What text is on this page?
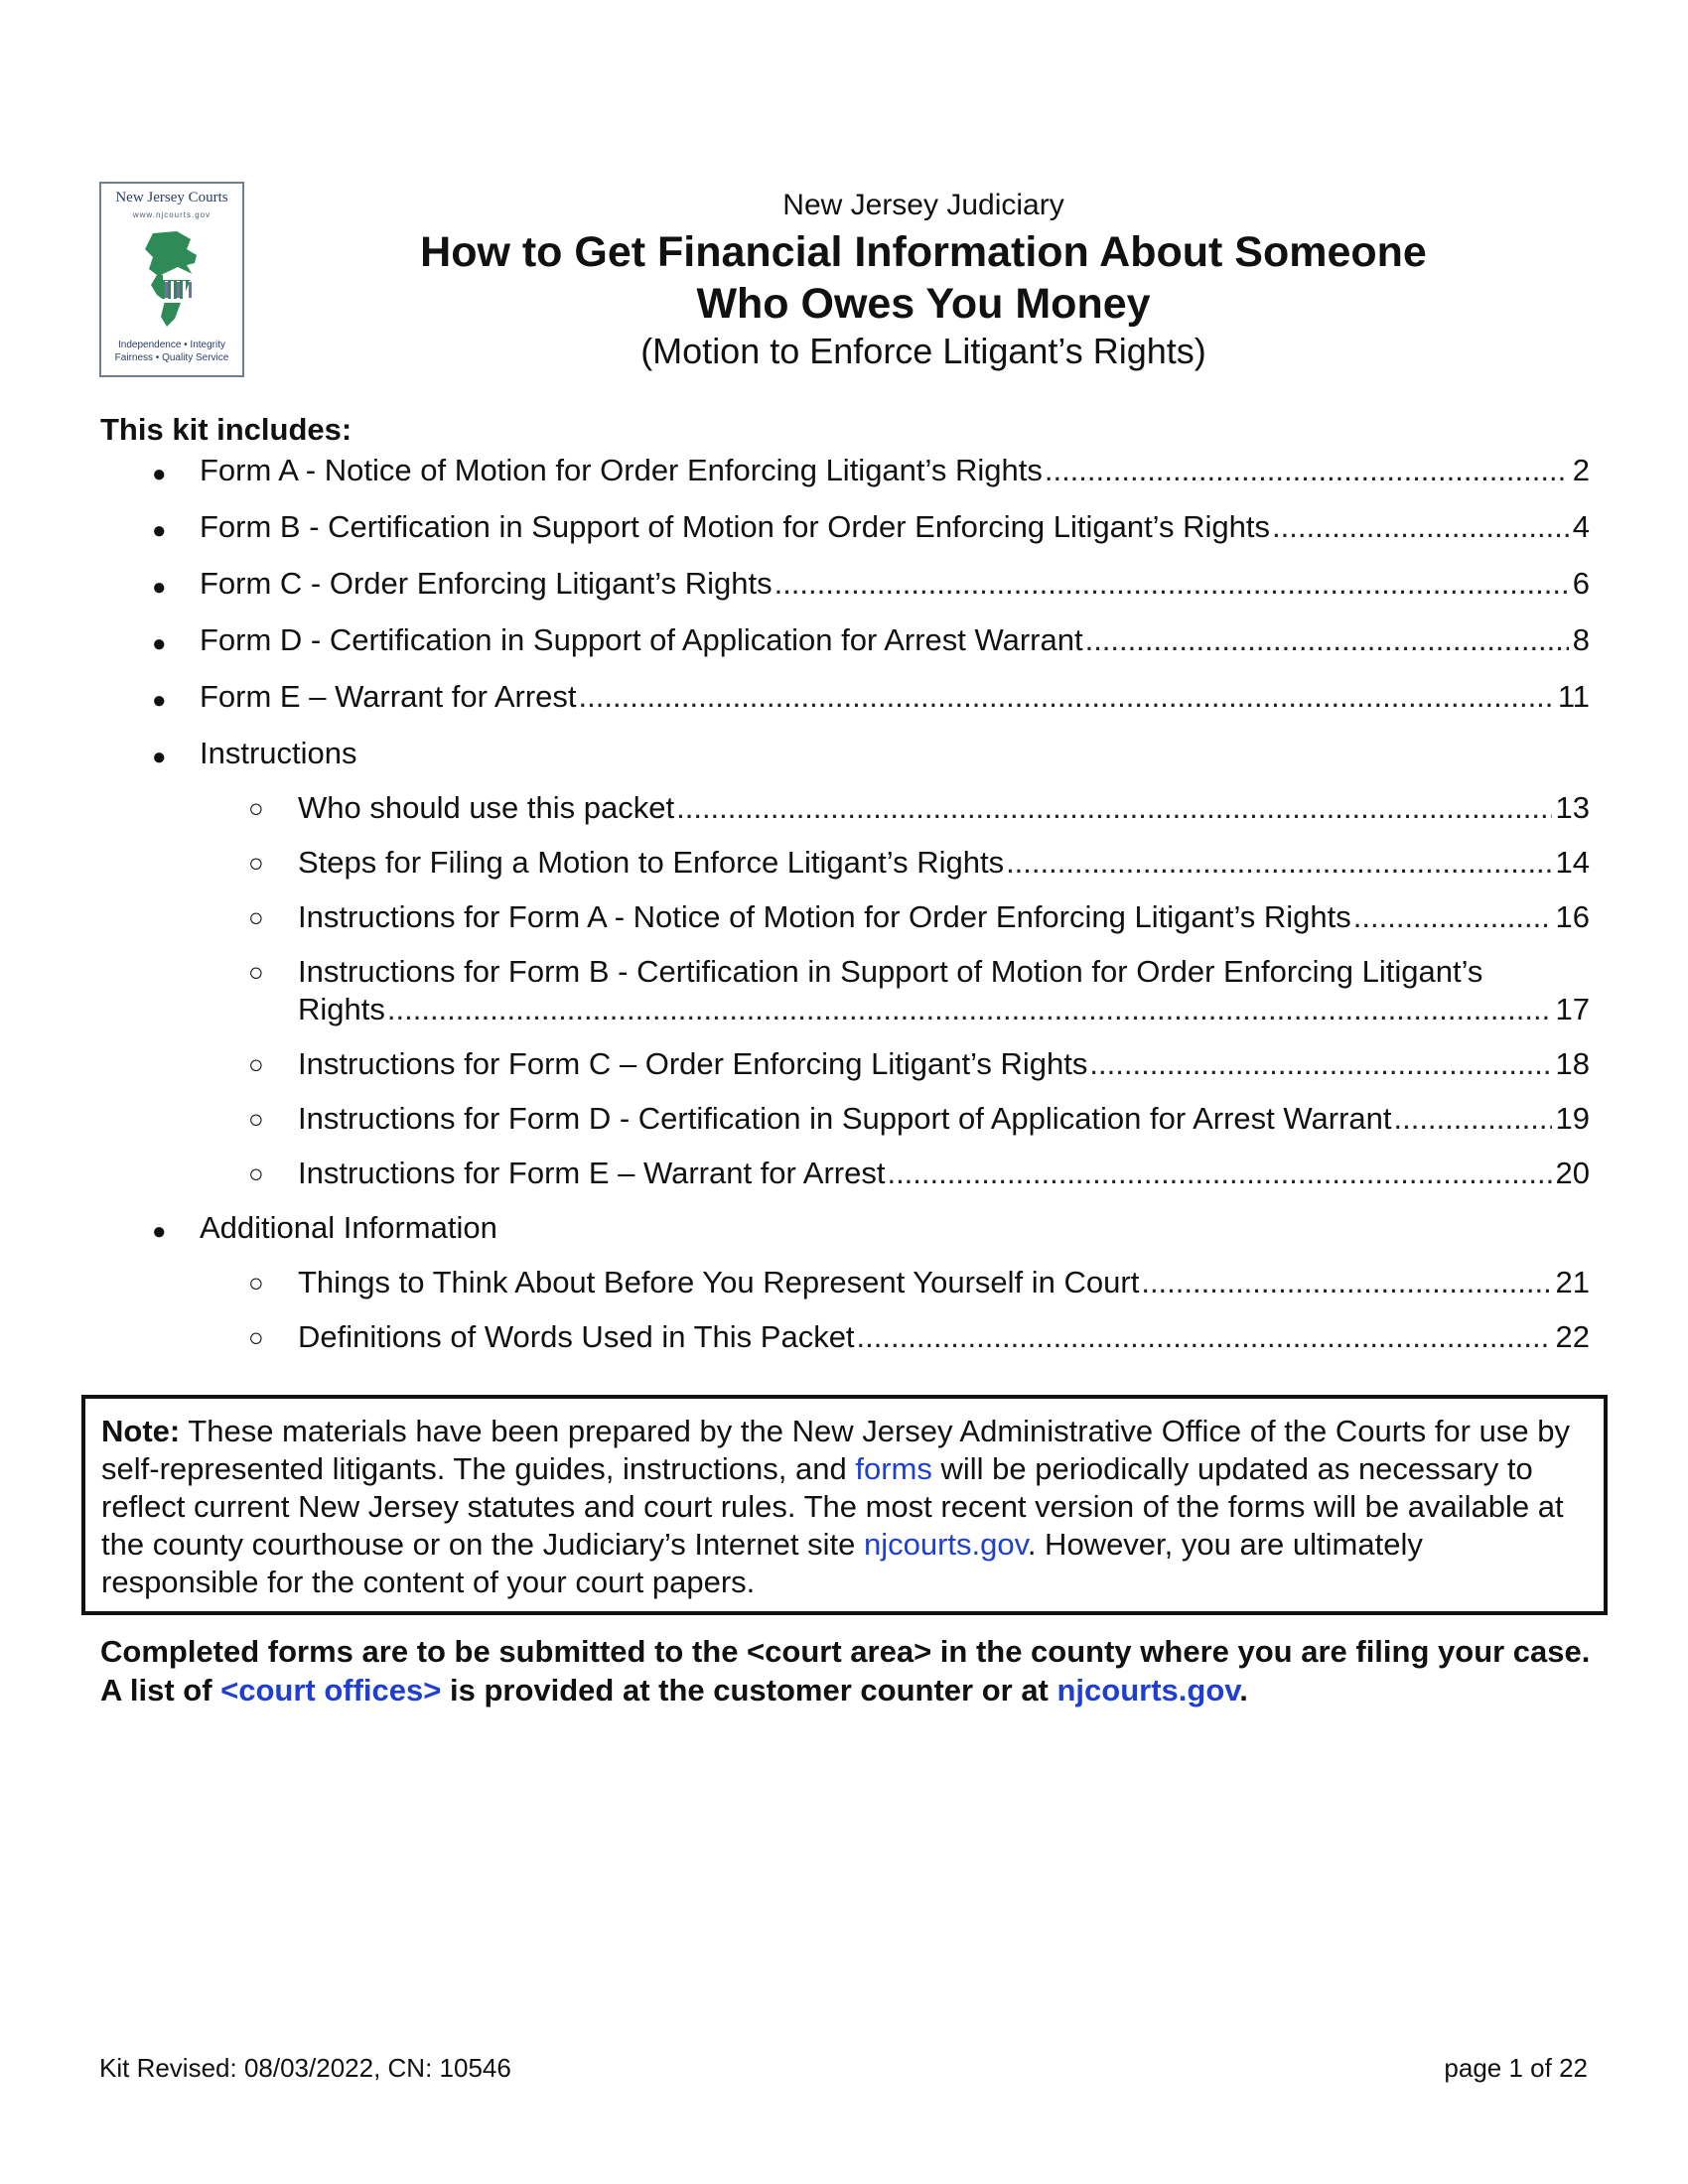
New Jersey Courts
www.njcourts.gov
Independence • Integrity
Fairness • Quality Service
New Jersey Judiciary
How to Get Financial Information About Someone
Who Owes You Money
(Motion to Enforce Litigant’s Rights)
This kit includes:
● Form A - Notice of Motion for Order Enforcing Litigant’s Rights .....	2
● Form B - Certification in Support of Motion for Order Enforcing Litigant’s Rights .....	4
● Form C - Order Enforcing Litigant’s Rights .....	6
● Form D - Certification in Support of Application for Arrest Warrant .....	8
● Form E – Warrant for Arrest .....	11
● Instructions
○ Who should use this packet .....	13
○ Steps for Filing a Motion to Enforce Litigant’s Rights .....	14
○ Instructions for Form A - Notice of Motion for Order Enforcing Litigant’s Rights .....	16
○ Instructions for Form B - Certification in Support of Motion for Order Enforcing Litigant’s
Rights .....	17
○ Instructions for Form C – Order Enforcing Litigant’s Rights .....	18
○ Instructions for Form D - Certification in Support of Application for Arrest Warrant .....	19
○ Instructions for Form E – Warrant for Arrest .....	20
● Additional Information
○ Things to Think About Before You Represent Yourself in Court .....	21
○ Definitions of Words Used in This Packet .....	22
Note: These materials have been prepared by the New Jersey Administrative Office of the Courts for use by self-represented litigants. The guides, instructions, and forms will be periodically updated as necessary to reflect current New Jersey statutes and court rules. The most recent version of the forms will be available at the county courthouse or on the Judiciary’s Internet site njcourts.gov. However, you are ultimately responsible for the content of your court papers.
Completed forms are to be submitted to the <court area> in the county where you are filing your case. A list of <court offices> is provided at the customer counter or at njcourts.gov.
Kit Revised: 08/03/2022, CN: 10546	page 1 of 22
